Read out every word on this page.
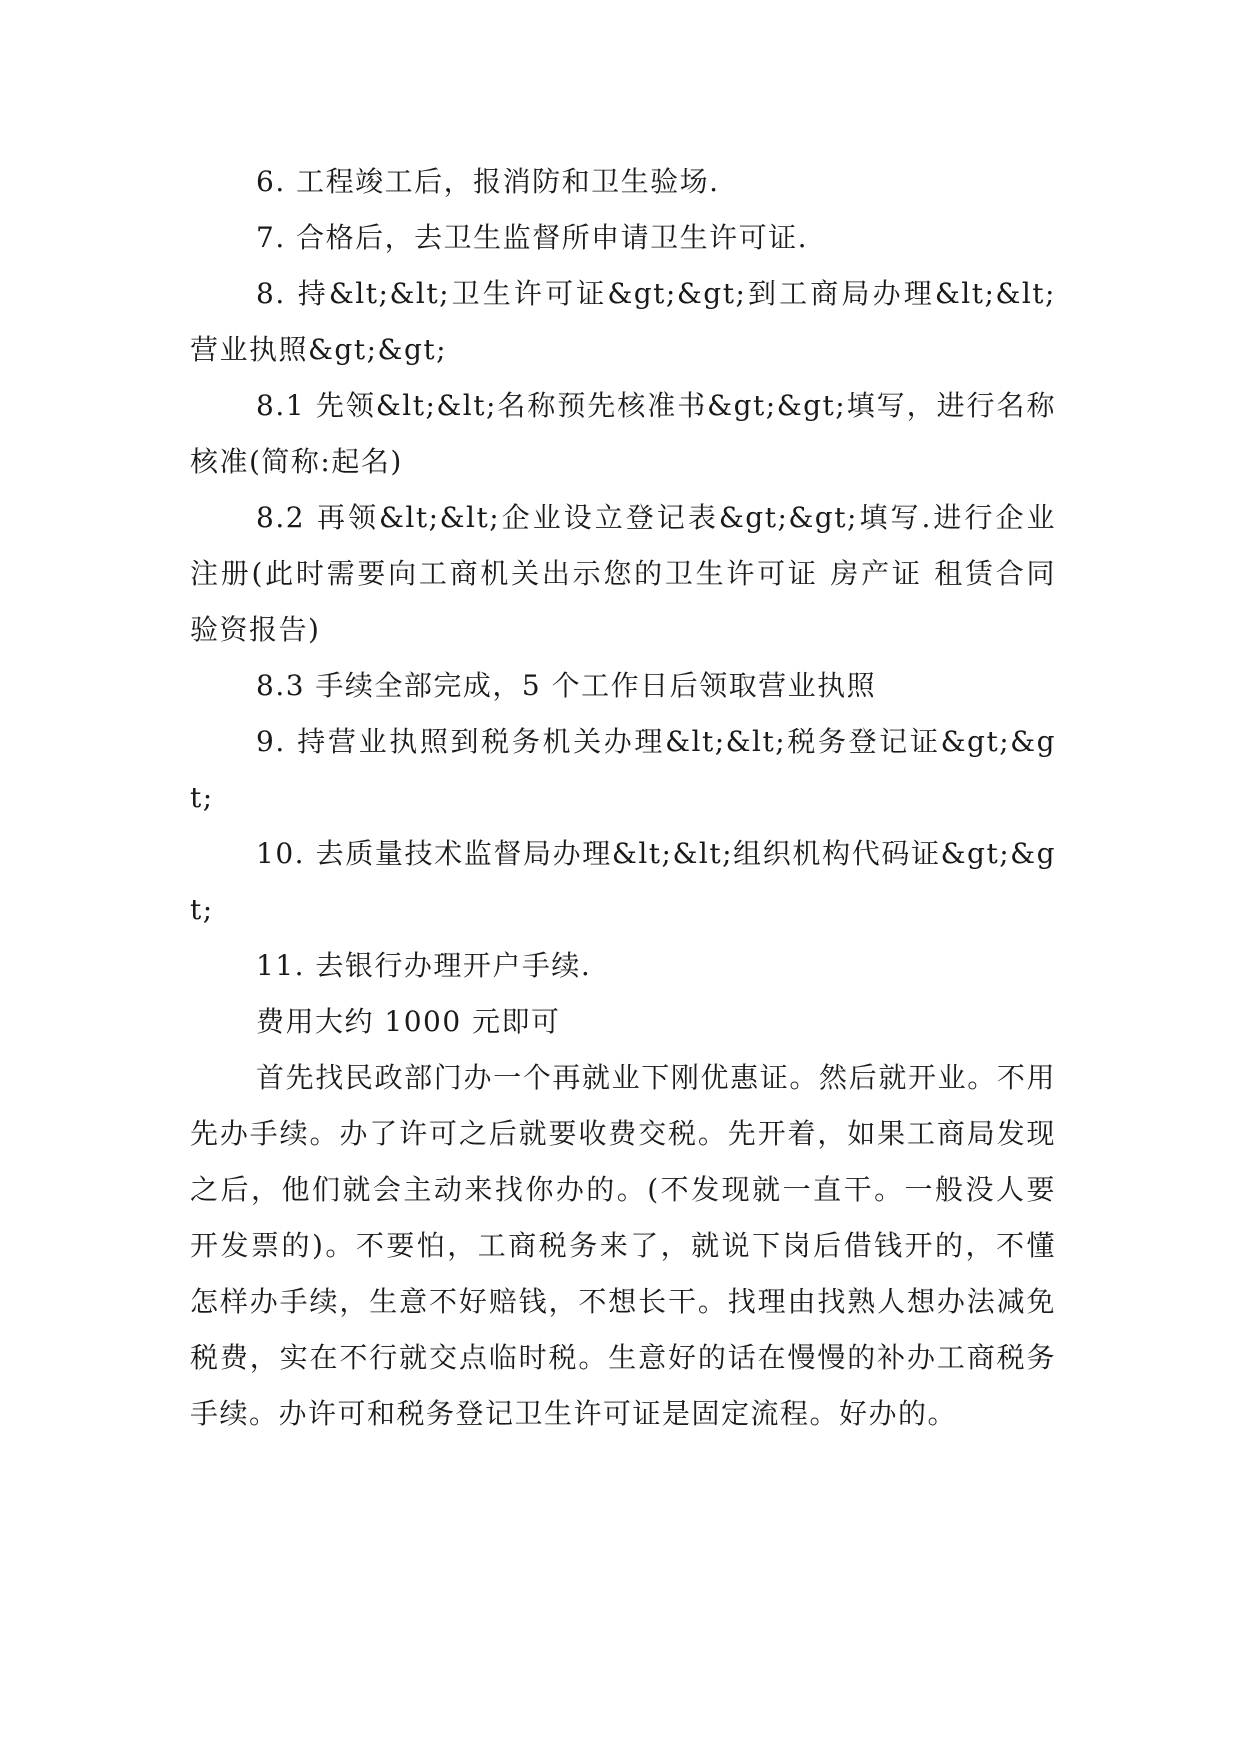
6. 工程竣工后，报消防和卫生验场.

7. 合格后，去卫生监督所申请卫生许可证.

8. 持&lt;&lt;卫生许可证&gt;&gt;到工商局办理&lt;&lt;营业执照&gt;&gt;

8.1 先领&lt;&lt;名称预先核准书&gt;&gt;填写，进行名称核准(简称:起名)

8.2 再领&lt;&lt;企业设立登记表&gt;&gt;填写.进行企业注册(此时需要向工商机关出示您的卫生许可证 房产证 租赁合同 验资报告)

8.3 手续全部完成，5 个工作日后领取营业执照

9. 持营业执照到税务机关办理&lt;&lt;税务登记证&gt;&gt;

10. 去质量技术监督局办理&lt;&lt;组织机构代码证&gt;&gt;

11. 去银行办理开户手续.

费用大约 1000 元即可

首先找民政部门办一个再就业下刚优惠证。然后就开业。不用先办手续。办了许可之后就要收费交税。先开着，如果工商局发现之后，他们就会主动来找你办的。(不发现就一直干。一般没人要开发票的)。不要怕，工商税务来了，就说下岗后借钱开的，不懂怎样办手续，生意不好赔钱，不想长干。找理由找熟人想办法减免税费，实在不行就交点临时税。生意好的话在慢慢的补办工商税务手续。办许可和税务登记卫生许可证是固定流程。好办的。
